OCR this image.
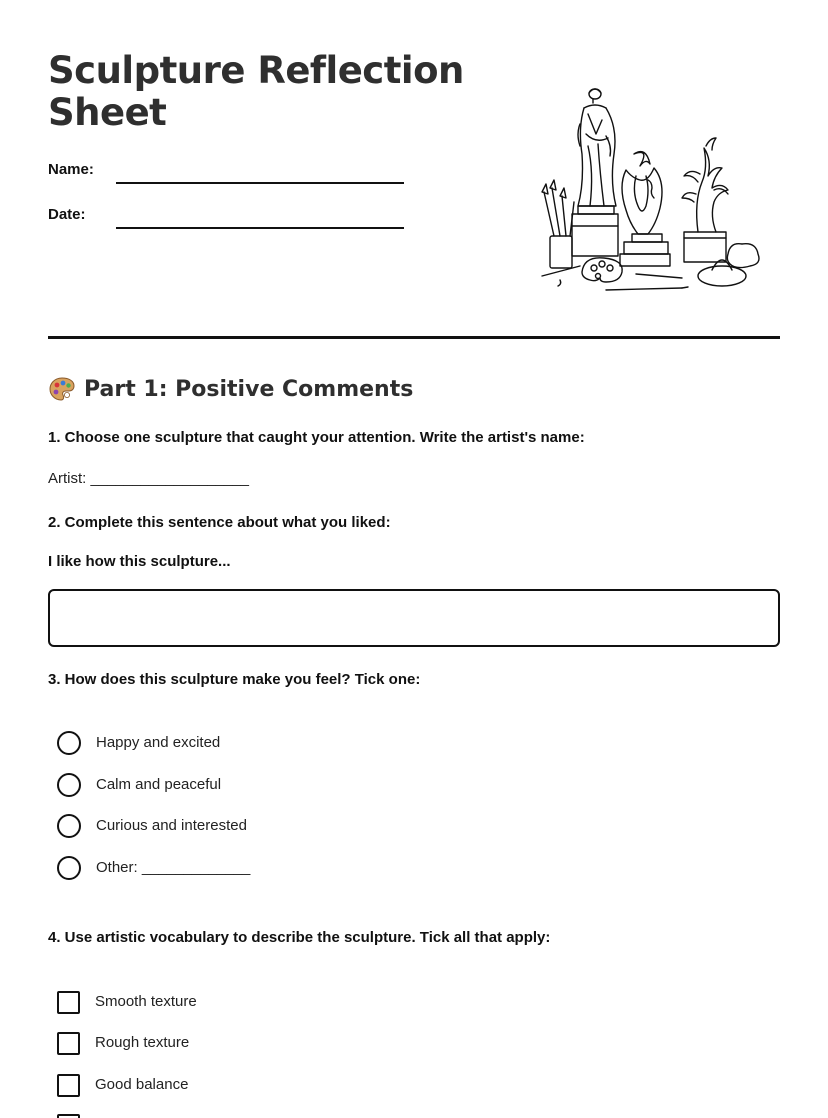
Sculpture Reflection Sheet
Name:
Date:
Part 1: Positive Comments
1. Choose one sculpture that caught your attention. Write the artist's name:
Artist: ___________________
2. Complete this sentence about what you liked:
I like how this sculpture...
3. How does this sculpture make you feel? Tick one:
Happy and excited
Calm and peaceful
Curious and interested
Other: _____________
4. Use artistic vocabulary to describe the sculpture. Tick all that apply:
Smooth texture
Rough texture
Good balance
